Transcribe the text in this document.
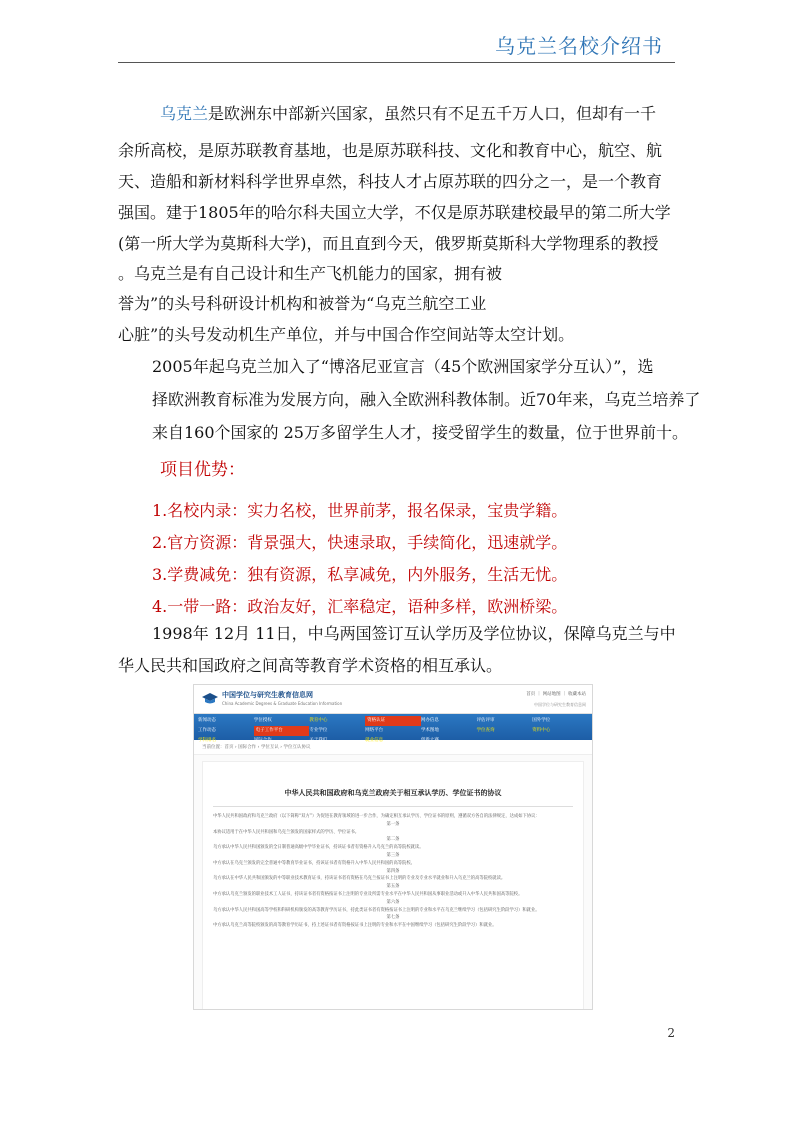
乌克兰名校介绍书
乌克兰是欧洲东中部新兴国家，虽然只有不足五千万人口，但却有一千
余所高校，是原苏联教育基地，也是原苏联科技、文化和教育中心，航空、航
天、造船和新材料科学世界卓然，科技人才占原苏联的四分之一，是一个教育
强国。建于1805年的哈尔科夫国立大学，不仅是原苏联建校最早的第二所大学
(第一所大学为莫斯科大学)，而且直到今天，俄罗斯莫斯科大学物理系的教授
。乌克兰是有自己设计和生产飞机能力的国家，拥有被
誉为”的头号科研设计机构和被誉为“乌克兰航空工业
心脏”的头号发动机生产单位，并与中国合作空间站等太空计划。
2005年起乌克兰加入了“博洛尼亚宣言（45个欧洲国家学分互认）”，选
择欧洲教育标准为发展方向，融入全欧洲科教体制。近70年来，乌克兰培养了
来自160个国家的 25万多留学生人才，接受留学生的数量，位于世界前十。
项目优势：
1.名校内录：实力名校，世界前茅，报名保录，宝贵学籍。
2.官方资源：背景强大，快速录取，手续简化，迅速就学。
3.学费减免：独有资源，私享减免，内外服务，生活无忧。
4.一带一路：政治友好，汇率稳定，语种多样，欧洲桥梁。
1998年 12月 11日，中乌两国签订互认学历及学位协议，保障乌克兰与中
华人民共和国政府之间高等教育学术资格的相互承认。
中国学位与研究生教育信息网
China Academic Degrees & Graduate Education Information
首页 ｜ 网站地图 ｜ 收藏本站
中国学位与研究生教育信息网
新闻动态	学位授权	教育中心	资格认证	网办信息	评估评审	国外学位
工作动态	电子工作平台	专业学位	网络平台	学术图地	学位查询	资料中心
学科排名	国际合作	关于我们	就业信息	创新大赛
当前位置：首页 › 国际合作 › 学位互认 › 学位互认协议
中华人民共和国政府和乌克兰政府关于相互承认学历、学位证书的协议
中华人民共和国政府和乌克兰政府（以下简称“双方”）为促进在教育领域的进一步合作，为确定相互承认学历、学位证书的原则，遵循双方各自的法律规定，达成如下协议：
第一条
本协议适用于在中华人民共和国和乌克兰颁发的国家样式的学历、学位证书。
第二条
乌方承认中华人民共和国颁发的全日制普通高级中学毕业证书，持该证书者有资格升入乌克兰的高等院校就读。
第三条
中方承认在乌克兰颁发的完全普通中等教育毕业证书，持该证书者有资格升入中华人民共和国的高等院校。
第四条
乌方承认在中华人民共和国颁发的中等职业技术教育证书，持该证书者有资格在乌克兰按证书上注明的专业及专业水平就业和升入乌克兰的高等院校就读。
第五条
中方承认乌克兰颁发的职业技术工人证书，持该证书者有资格按证书上注明的专业及所需专业水平在中华人民共和国从事职业活动或升入中华人民共和国高等院校。
第六条
乌方承认中华人民共和国高等学校和科研机构颁发的高等教育学历证书，持此类证书者有资格按证书上注明的专业和水平在乌克兰继续学习（包括研究生阶段学习）和就业。
第七条
中方承认乌克兰高等院校颁发的高等教育学历证书，持上述证书者有资格按证书上注明的专业和水平在中国继续学习（包括研究生阶段学习）和就业。
2
